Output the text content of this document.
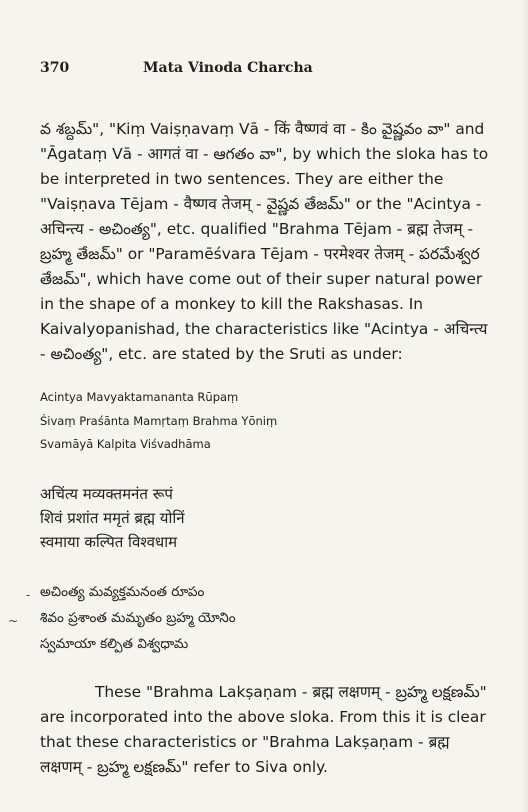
370	Mata Vinoda Charcha
వ శబ్దమ్", "Kiṃ Vaiṣṇavaṃ Vā - किं वैष्णवं वा - కిం వైష్ణవం వా" and
"Āgataṃ Vā - आगतं वा - ఆగతం వా", by which the sloka has to
be interpreted in two sentences. They are either the
"Vaiṣṇava Tējam - वैष्णव तेजम् - వైష్ణవ తేజమ్" or the "Acintya -
अचिन्त्य - అచింత్య", etc. qualified "Brahma Tējam - ब्रह्म तेजम् -
బ్రహ్మ తేజమ్" or "Paramēśvara Tējam - परमेश्वर तेजम् - పరమేశ్వర
తేజమ్", which have come out of their super natural power
in the shape of a monkey to kill the Rakshasas. In
Kaivalyopanishad, the characteristics like "Acintya - अचिन्त्य
- అచింత్య", etc. are stated by the Sruti as under:
Acintya Mavyaktamananta Rūpaṃ
Śivaṃ Praśānta Mamṛtaṃ Brahma Yōniṃ
Svamāyā Kalpita Viśvadhāma
अचिंत्य मव्यक्तमनंत रूपं
शिवं प्रशांत ममृतं ब्रह्म योनिं
स्वमाया कल्पित विश्वधाम
అచింత్య మవ్యక్తమనంత రూపం
శివం ప్రశాంత మమృతం బ్రహ్మ యోనిం
స్వమాయా కల్పిత విశ్వధామ
-
~
These "Brahma Lakṣaṇam - ब्रह्म लक्षणम् - బ్రహ్మ లక్షణమ్"
are incorporated into the above sloka. From this it is clear
that these characteristics or "Brahma Lakṣaṇam - ब्रह्म
लक्षणम् - బ్రహ్మ లక్షణమ్" refer to Siva only.
